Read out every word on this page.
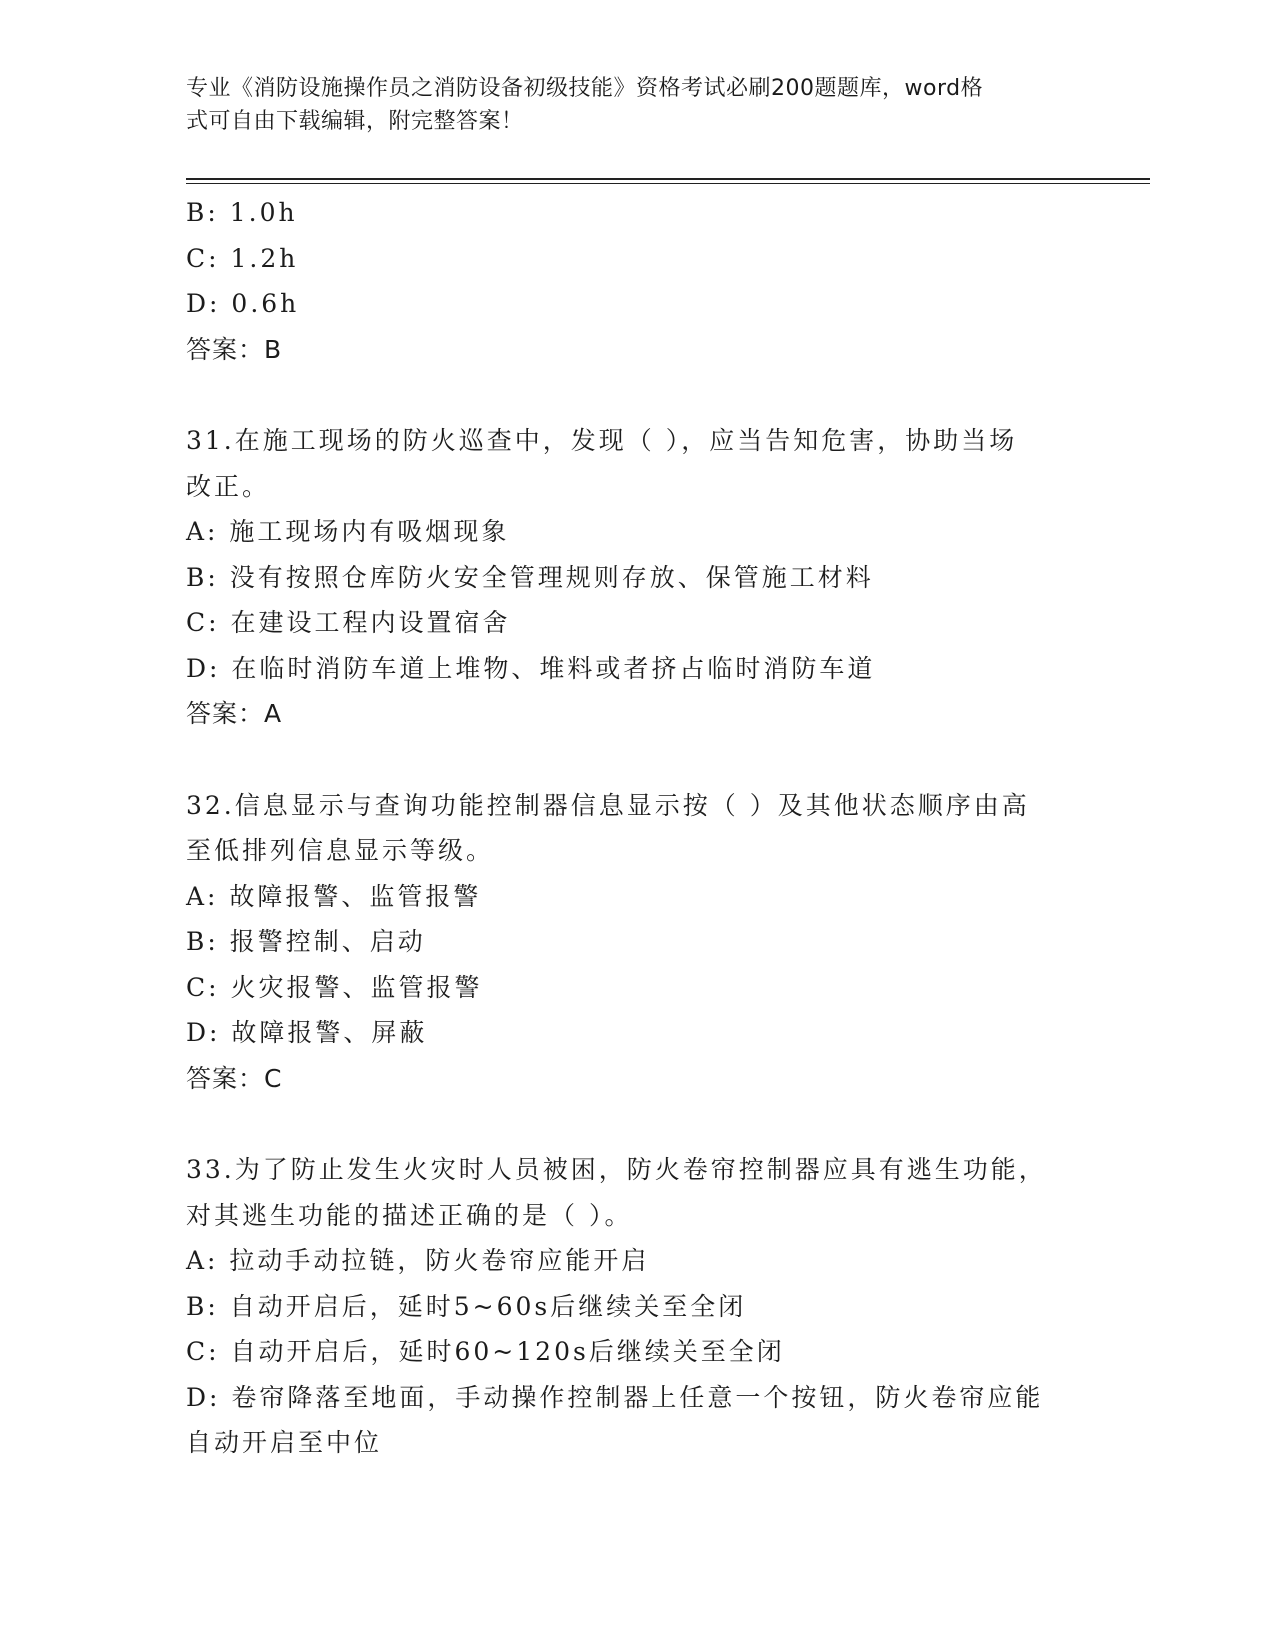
专业《消防设施操作员之消防设备初级技能》资格考试必刷200题题库，word格
式可自由下载编辑，附完整答案！

B: 1.0h

C: 1.2h

D: 0.6h

答案：B

31.在施工现场的防火巡查中，发现（ ），应当告知危害，协助当场

改正。

A: 施工现场内有吸烟现象

B: 没有按照仓库防火安全管理规则存放、保管施工材料

C: 在建设工程内设置宿舍

D: 在临时消防车道上堆物、堆料或者挤占临时消防车道

答案：A

32.信息显示与查询功能控制器信息显示按（ ）及其他状态顺序由高

至低排列信息显示等级。

A: 故障报警、监管报警

B: 报警控制、启动

C: 火灾报警、监管报警

D: 故障报警、屏蔽

答案：C

33.为了防止发生火灾时人员被困，防火卷帘控制器应具有逃生功能，

对其逃生功能的描述正确的是（ ）。

A: 拉动手动拉链，防火卷帘应能开启

B: 自动开启后，延时5~60s后继续关至全闭

C: 自动开启后，延时60~120s后继续关至全闭

D: 卷帘降落至地面，手动操作控制器上任意一个按钮，防火卷帘应能

自动开启至中位
